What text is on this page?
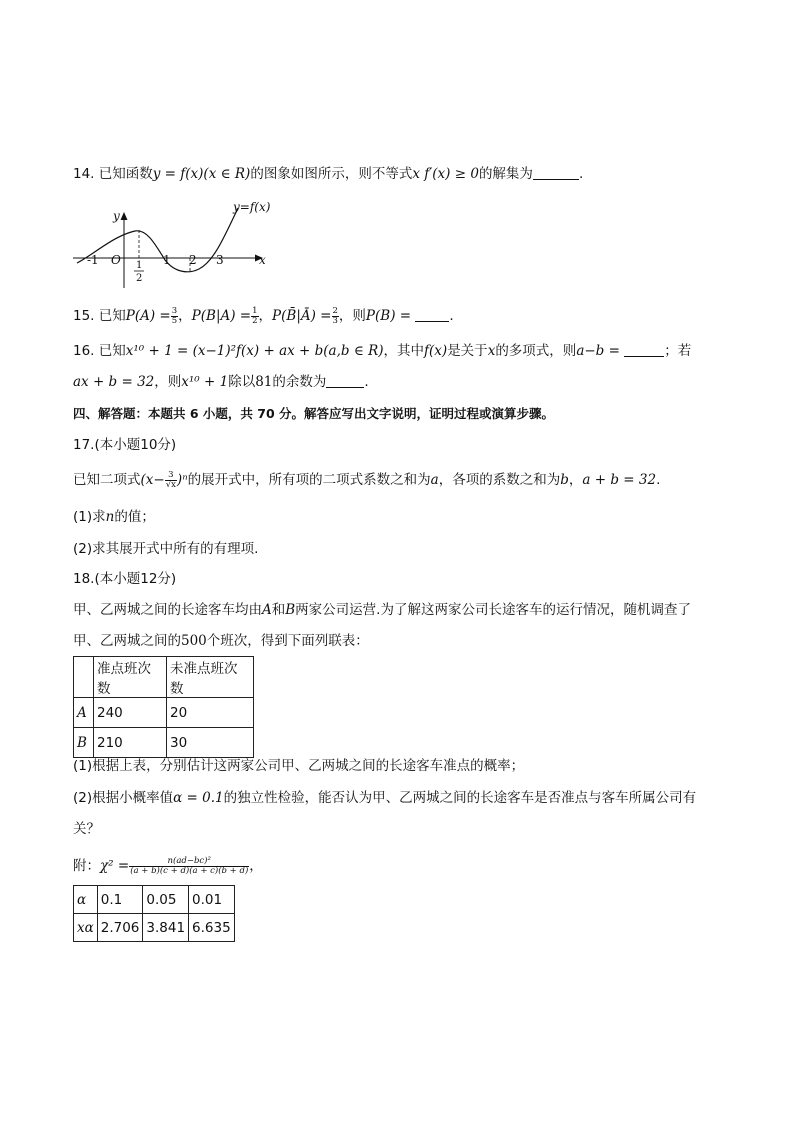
14. 已知函数y = f(x)(x ∈ R)的图象如图所示，则不等式x f′(x) ≥ 0的解集为	.
y
x
y=f(x)
O
-1	1
2
1 2 3
15. 已知$P(A) = \frac{3}{5}$ ，$P(B|A) = \frac{1}{2}$ ，P(B̄|Ā) = $\frac{2}{3}$ ，则P(B) =	.
16. 已知x¹⁰ + 1 = (x−1)²f(x) + ax + b(a,b ∈ R)，其中f(x)是关于x的多项式，则a−b =	；若
ax + b = 32，则x¹⁰ + 1除以81的余数为	.
四、解答题：本题共 6 小题，共 70 分。解答应写出文字说明，证明过程或演算步骤。
17.(本小题10分)
已知二项式$(x- \frac{3}{√x} )^n$的展开式中，所有项的二项式系数之和为a，各项的系数之和为b，a + b = 32.
(1)求n的值；
(2)求其展开式中所有的有理项.
18.(本小题12分)
甲、乙两城之间的长途客车均由A和B两家公司运营.为了解这两家公司长途客车的运行情况，随机调查了
甲、乙两城之间的500个班次，得到下面列联表：
	准点班次数	未准点班次数
A	240	20
B	210	30
(1)根据上表，分别估计这两家公司甲、乙两城之间的长途客车准点的概率；
(2)根据小概率值α = 0.1的独立性检验，能否认为甲、乙两城之间的长途客车是否准点与客车所属公司有
关？
附：$\chi^2 = \frac{\text{n(ad−bc)²}}{(a + b)(c + d)(a + c)(b + d)}$ ，
α	0.1	0.05	0.01
xα	2.706	3.841	6.635
